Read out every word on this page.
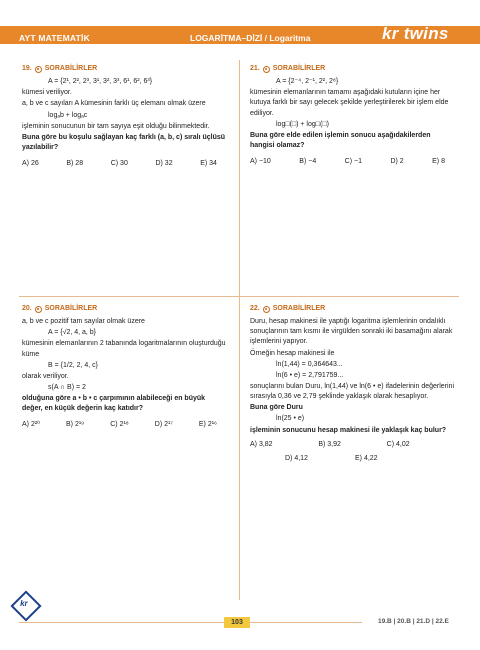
AYT MATEMATİK	LOGARİTMA–DİZİ / Logaritma	kr twins
19. SORABİLİRLER
A = {2¹, 2², 2³, 3¹, 3², 3³, 6¹, 6², 6³}
kümesi veriliyor.
a, b ve c sayıları A kümesinin farklı üç elemanı olmak üzere
logₐb + logₐc
işleminin sonucunun bir tam sayıya eşit olduğu bilinmektedir.
Buna göre bu koşulu sağlayan kaç farklı (a, b, c) sıralı üçlüsü yazılabilir?
A) 26	B) 28	C) 30	D) 32	E) 34
21. SORABİLİRLER
A = {2⁻⁴, 2⁻¹, 2², 2⁸}
kümesinin elemanlarının tamamı aşağıdaki kutuların içine her kutuya farklı bir sayı gelecek şekilde yerleştirilerek bir işlem elde ediliyor.
log□(□) + log□(□)
Buna göre elde edilen işlemin sonucu aşağıdakilerden hangisi olamaz?
A) −10	B) −4	C) −1	D) 2	E) 8
20. SORABİLİRLER
a, b ve c pozitif tam sayılar olmak üzere
A = {√2, 4, a, b}
kümesinin elemanlarının 2 tabanında logaritmalarının oluşturduğu küme
B = {1/2, 2, 4, c}
olarak veriliyor.
s(A ∩ B) = 2
olduğuna göre a • b • c çarpımının alabileceği en büyük değer, en küçük değerin kaç katıdır?
A) 2²⁰	B) 2¹⁹	C) 2¹⁸	D) 2¹⁷	E) 2¹⁶
22. SORABİLİRLER
Duru, hesap makinesi ile yaptığı logaritma işlemlerinin ondalıklı sonuçlarının tam kısmı ile virgülden sonraki iki basamağını alarak işlemlerini yapıyor.
Örneğin hesap makinesi ile
ln(1,44) = 0,364643...
ln(6 • e) = 2,791759...
sonuçlarını bulan Duru, ln(1,44) ve ln(6 • e) ifadelerinin değerlerini sırasıyla 0,36 ve 2,79 şeklinde yaklaşık olarak hesaplıyor.
Buna göre Duru
ln(25 • e)
işleminin sonucunu hesap makinesi ile yaklaşık kaç bulur?
A) 3,82	B) 3,92	C) 4,02
D) 4,12	E) 4,22
kr
103	19.B | 20.B | 21.D | 22.E
